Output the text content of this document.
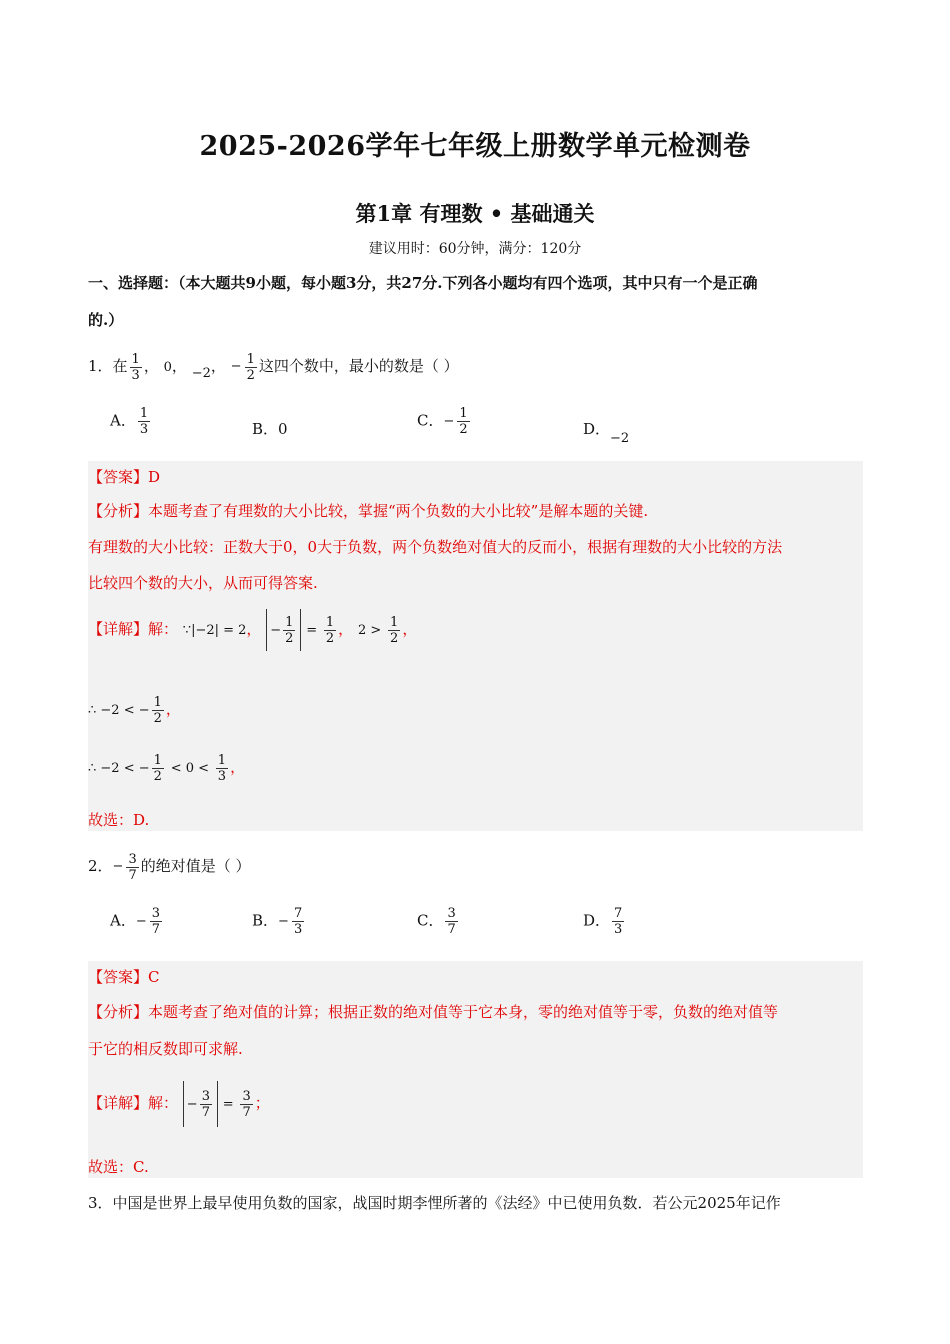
2025-2026学年七年级上册数学单元检测卷
第1章 有理数 • 基础通关
建议用时：60分钟，满分：120分
一、选择题：（本大题共9小题，每小题3分，共27分.下列各小题均有四个选项，其中只有一个是正确
的.）
1．在 $\frac{1}{3}$ ， 0， −2， − $\frac{1}{2}$ 这四个数中，最小的数是（ ）
A． $\frac{1}{3}$	B．0	C．− $\frac{1}{2}$	D．−2
【答案】D
【分析】本题考查了有理数的大小比较，掌握“两个负数的大小比较”是解本题的关键.
有理数的大小比较：正数大于0，0大于负数，两个负数绝对值大的反而小，根据有理数的大小比较的方法
比较四个数的大小，从而可得答案.
【详解】解： ∵|−2| = 2， − $\frac{1}{2} = \frac{1}{2}$ ， $2 > \frac{1}{2}$ ，
∴ −2 < − $\frac{1}{2}$ ，
∴ −2 < − $\frac{1}{2} < 0 < \frac{1}{3}$ ，
故选：D.
2．− $\frac{3}{7}$ 的绝对值是（ ）
A．− $\frac{3}{7}$	B．− $\frac{7}{3}$	C． $\frac{3}{7}$	D． $\frac{7}{3}$
【答案】C
【分析】本题考查了绝对值的计算；根据正数的绝对值等于它本身，零的绝对值等于零，负数的绝对值等
于它的相反数即可求解.
【详解】解： − $\frac{3}{7} = \frac{3}{7}$ ；
故选：C.
3．中国是世界上最早使用负数的国家，战国时期李悝所著的《法经》中已使用负数．若公元2025年记作
